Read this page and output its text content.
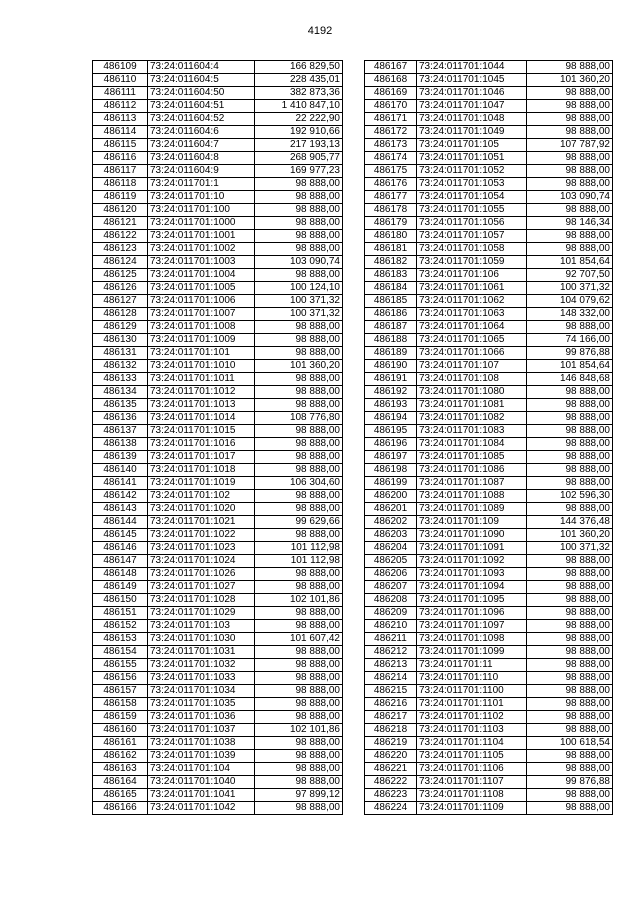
4192
486109	73:24:011604:4	166 829,50
486110	73:24:011604:5	228 435,01
486111	73:24:011604:50	382 873,36
486112	73:24:011604:51	1 410 847,10
486113	73:24:011604:52	22 222,90
486114	73:24:011604:6	192 910,66
486115	73:24:011604:7	217 193,13
486116	73:24:011604:8	268 905,77
486117	73:24:011604:9	169 977,23
486118	73:24:011701:1	98 888,00
486119	73:24:011701:10	98 888,00
486120	73:24:011701:100	98 888,00
486121	73:24:011701:1000	98 888,00
486122	73:24:011701:1001	98 888,00
486123	73:24:011701:1002	98 888,00
486124	73:24:011701:1003	103 090,74
486125	73:24:011701:1004	98 888,00
486126	73:24:011701:1005	100 124,10
486127	73:24:011701:1006	100 371,32
486128	73:24:011701:1007	100 371,32
486129	73:24:011701:1008	98 888,00
486130	73:24:011701:1009	98 888,00
486131	73:24:011701:101	98 888,00
486132	73:24:011701:1010	101 360,20
486133	73:24:011701:1011	98 888,00
486134	73:24:011701:1012	98 888,00
486135	73:24:011701:1013	98 888,00
486136	73:24:011701:1014	108 776,80
486137	73:24:011701:1015	98 888,00
486138	73:24:011701:1016	98 888,00
486139	73:24:011701:1017	98 888,00
486140	73:24:011701:1018	98 888,00
486141	73:24:011701:1019	106 304,60
486142	73:24:011701:102	98 888,00
486143	73:24:011701:1020	98 888,00
486144	73:24:011701:1021	99 629,66
486145	73:24:011701:1022	98 888,00
486146	73:24:011701:1023	101 112,98
486147	73:24:011701:1024	101 112,98
486148	73:24:011701:1026	98 888,00
486149	73:24:011701:1027	98 888,00
486150	73:24:011701:1028	102 101,86
486151	73:24:011701:1029	98 888,00
486152	73:24:011701:103	98 888,00
486153	73:24:011701:1030	101 607,42
486154	73:24:011701:1031	98 888,00
486155	73:24:011701:1032	98 888,00
486156	73:24:011701:1033	98 888,00
486157	73:24:011701:1034	98 888,00
486158	73:24:011701:1035	98 888,00
486159	73:24:011701:1036	98 888,00
486160	73:24:011701:1037	102 101,86
486161	73:24:011701:1038	98 888,00
486162	73:24:011701:1039	98 888,00
486163	73:24:011701:104	98 888,00
486164	73:24:011701:1040	98 888,00
486165	73:24:011701:1041	97 899,12
486166	73:24:011701:1042	98 888,00
486167	73:24:011701:1044	98 888,00
486168	73:24:011701:1045	101 360,20
486169	73:24:011701:1046	98 888,00
486170	73:24:011701:1047	98 888,00
486171	73:24:011701:1048	98 888,00
486172	73:24:011701:1049	98 888,00
486173	73:24:011701:105	107 787,92
486174	73:24:011701:1051	98 888,00
486175	73:24:011701:1052	98 888,00
486176	73:24:011701:1053	98 888,00
486177	73:24:011701:1054	103 090,74
486178	73:24:011701:1055	98 888,00
486179	73:24:011701:1056	98 146,34
486180	73:24:011701:1057	98 888,00
486181	73:24:011701:1058	98 888,00
486182	73:24:011701:1059	101 854,64
486183	73:24:011701:106	92 707,50
486184	73:24:011701:1061	100 371,32
486185	73:24:011701:1062	104 079,62
486186	73:24:011701:1063	148 332,00
486187	73:24:011701:1064	98 888,00
486188	73:24:011701:1065	74 166,00
486189	73:24:011701:1066	99 876,88
486190	73:24:011701:107	101 854,64
486191	73:24:011701:108	146 848,68
486192	73:24:011701:1080	98 888,00
486193	73:24:011701:1081	98 888,00
486194	73:24:011701:1082	98 888,00
486195	73:24:011701:1083	98 888,00
486196	73:24:011701:1084	98 888,00
486197	73:24:011701:1085	98 888,00
486198	73:24:011701:1086	98 888,00
486199	73:24:011701:1087	98 888,00
486200	73:24:011701:1088	102 596,30
486201	73:24:011701:1089	98 888,00
486202	73:24:011701:109	144 376,48
486203	73:24:011701:1090	101 360,20
486204	73:24:011701:1091	100 371,32
486205	73:24:011701:1092	98 888,00
486206	73:24:011701:1093	98 888,00
486207	73:24:011701:1094	98 888,00
486208	73:24:011701:1095	98 888,00
486209	73:24:011701:1096	98 888,00
486210	73:24:011701:1097	98 888,00
486211	73:24:011701:1098	98 888,00
486212	73:24:011701:1099	98 888,00
486213	73:24:011701:11	98 888,00
486214	73:24:011701:110	98 888,00
486215	73:24:011701:1100	98 888,00
486216	73:24:011701:1101	98 888,00
486217	73:24:011701:1102	98 888,00
486218	73:24:011701:1103	98 888,00
486219	73:24:011701:1104	100 618,54
486220	73:24:011701:1105	98 888,00
486221	73:24:011701:1106	98 888,00
486222	73:24:011701:1107	99 876,88
486223	73:24:011701:1108	98 888,00
486224	73:24:011701:1109	98 888,00
